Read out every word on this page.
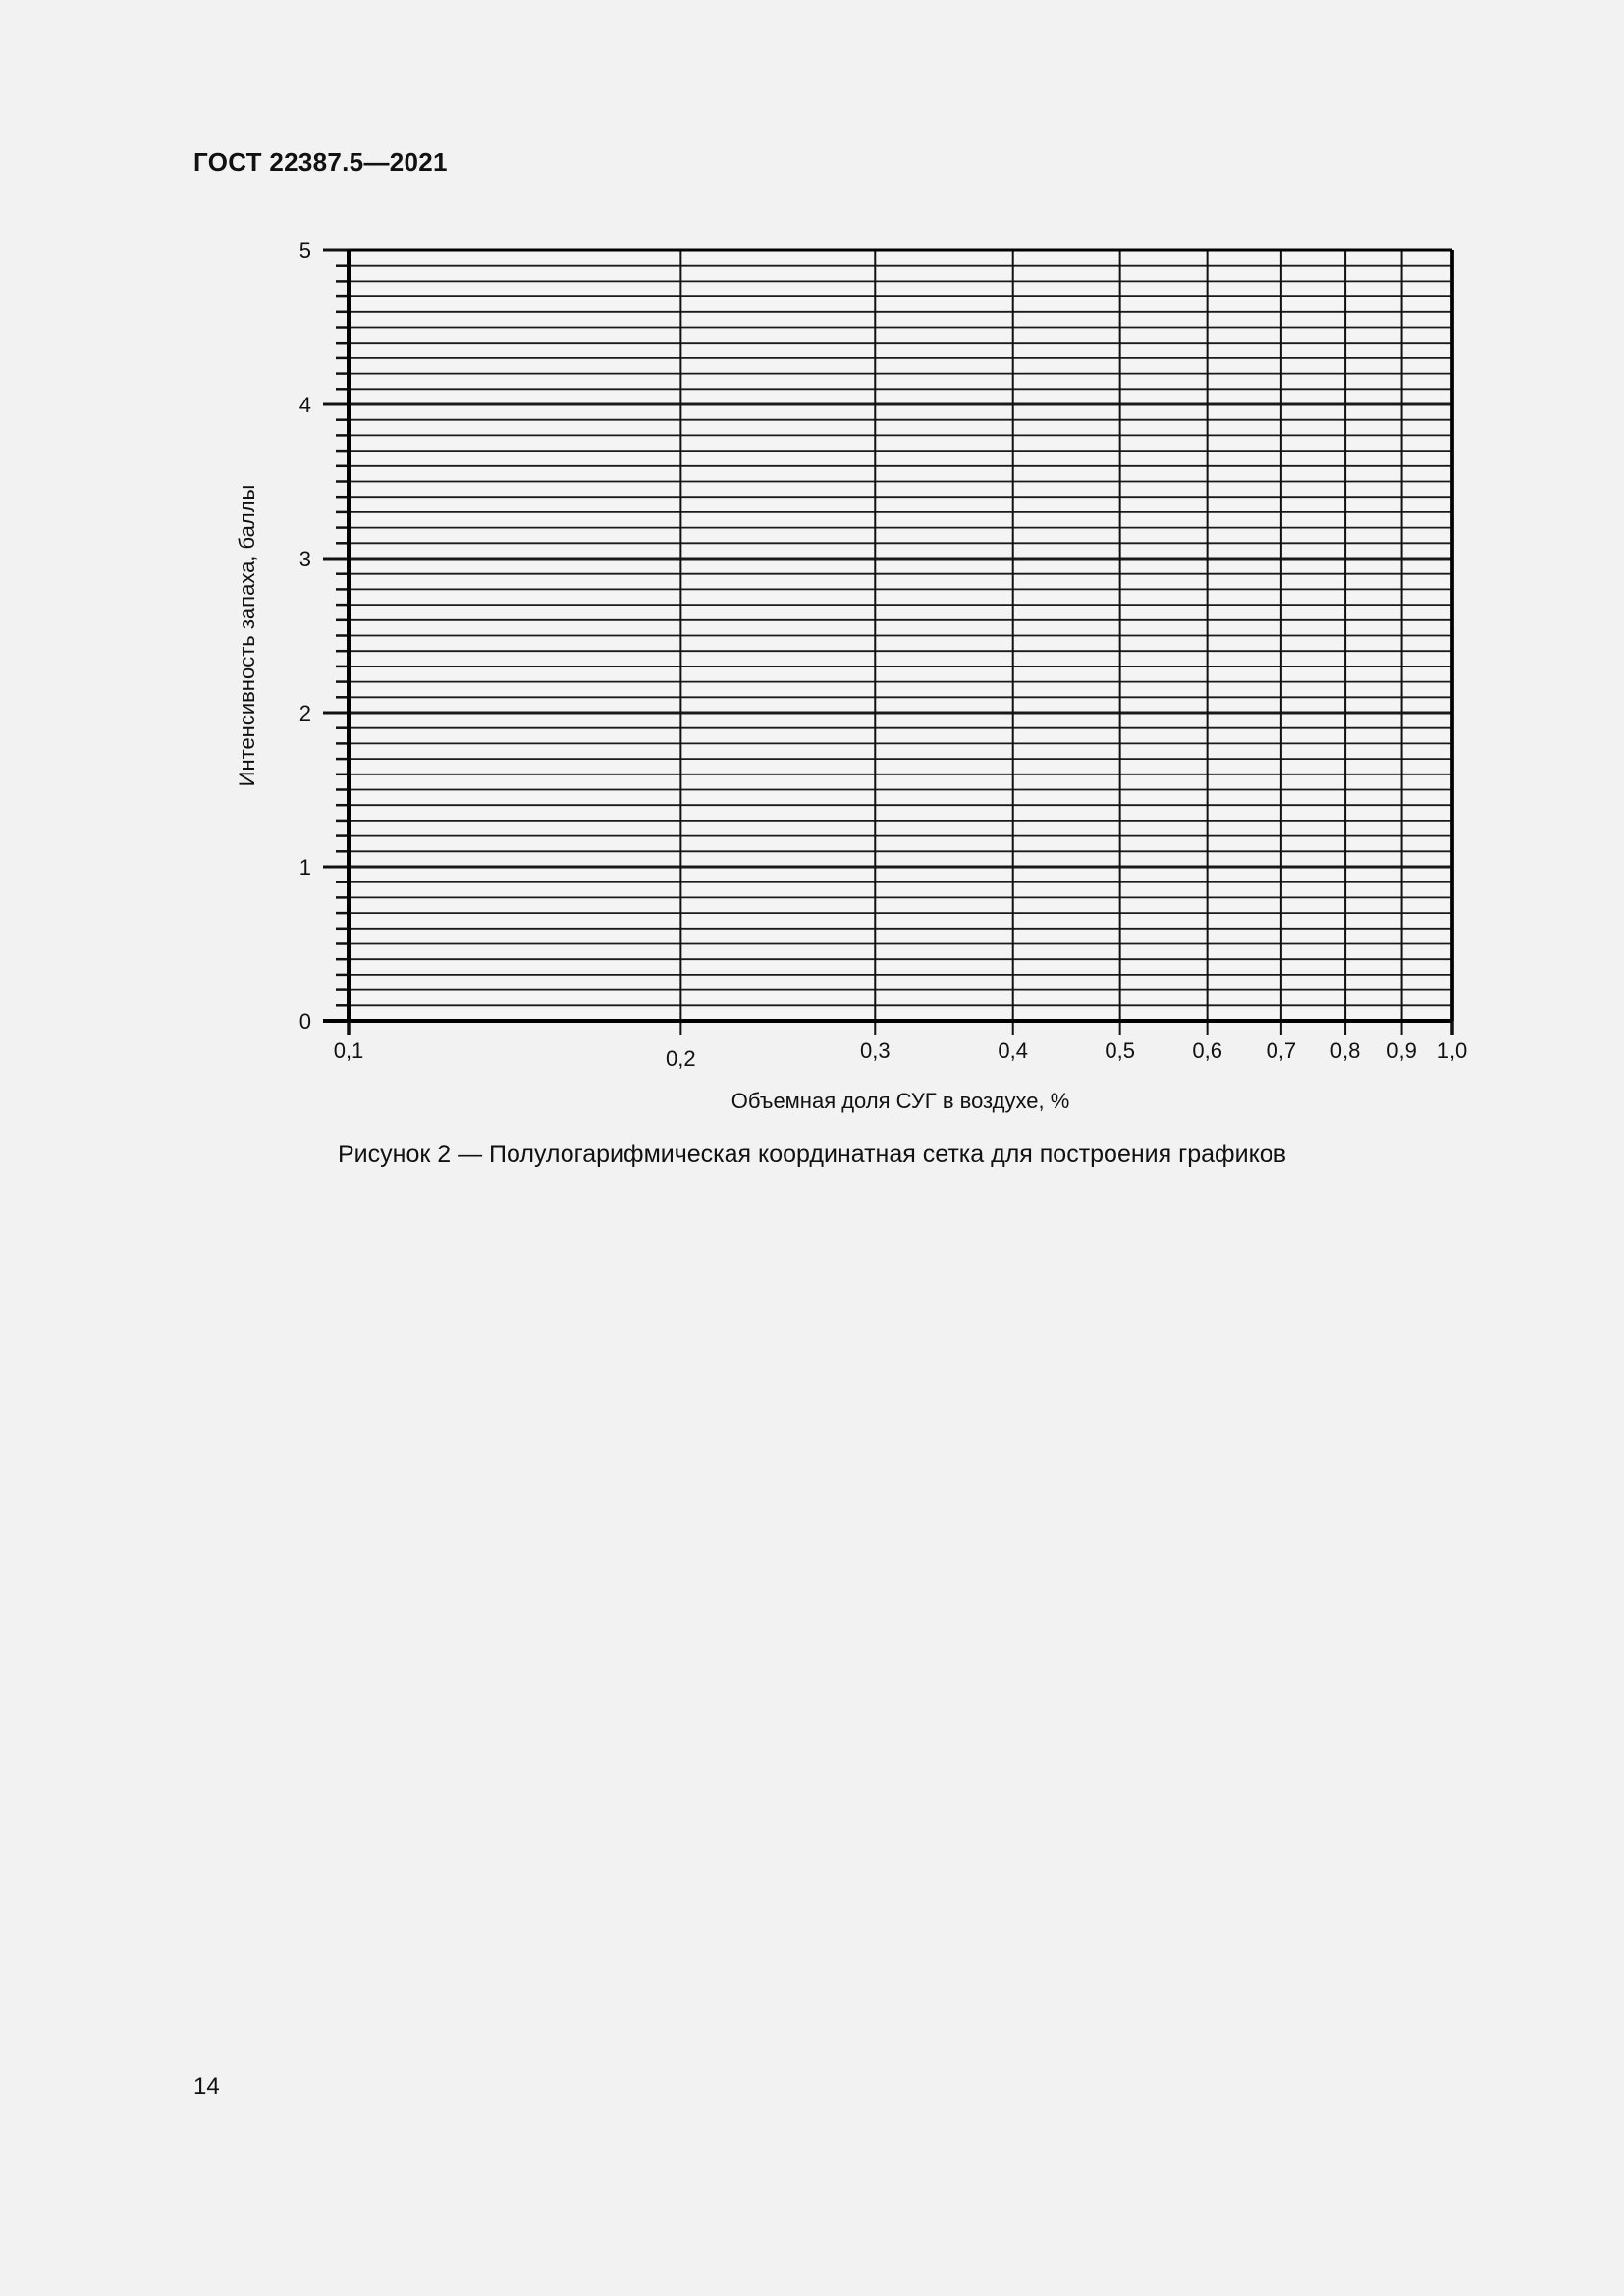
ГОСТ 22387.5—2021
0
1
2
3
4
5
0,1	0,2	0,3	0,4	0,5	0,6 0,7 0,8 0,9 1,0
Объемная доля СУГ в воздухе, %
Интенсивность запаха, баллы
Рисунок 2 — Полулогарифмическая координатная сетка для построения графиков
14
